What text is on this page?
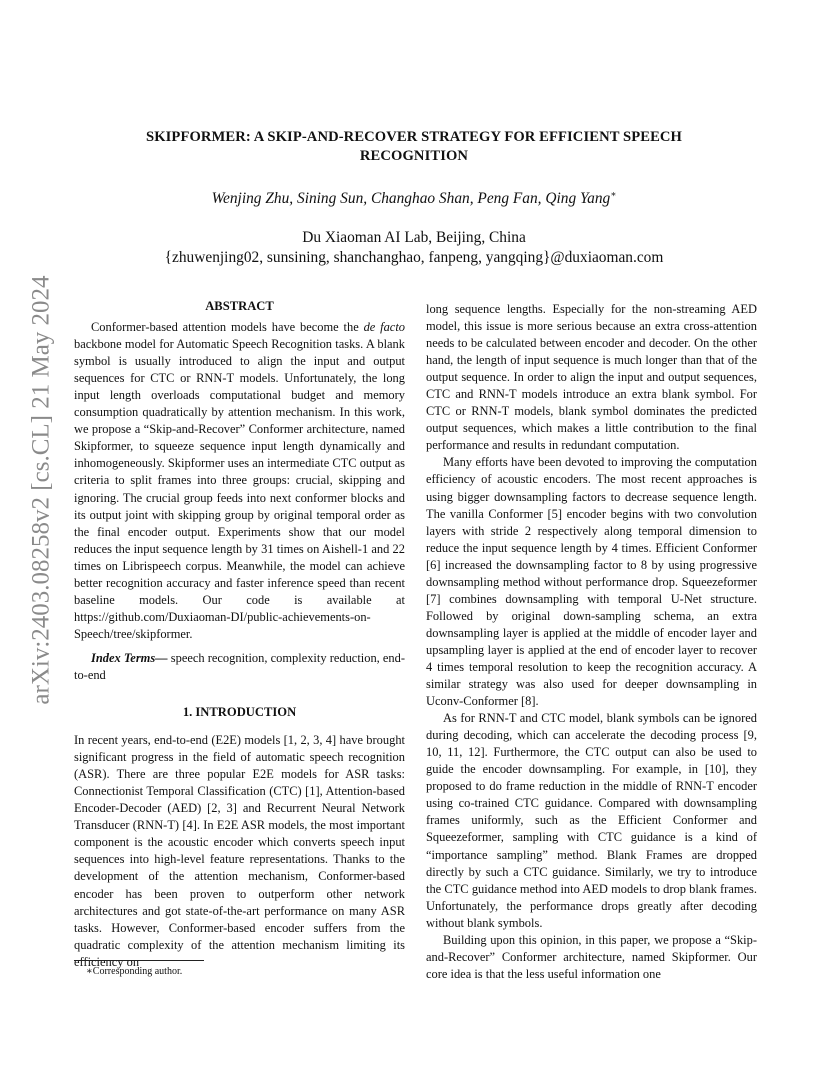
arXiv:2403.08258v2 [cs.CL] 21 May 2024
SKIPFORMER: A SKIP-AND-RECOVER STRATEGY FOR EFFICIENT SPEECH
RECOGNITION
Wenjing Zhu, Sining Sun, Changhao Shan, Peng Fan, Qing Yang∗
Du Xiaoman AI Lab, Beijing, China
{zhuwenjing02, sunsining, shanchanghao, fanpeng, yangqing}@duxiaoman.com
ABSTRACT

Conformer-based attention models have become the de facto backbone model for Automatic Speech Recognition tasks. A blank symbol is usually introduced to align the input and output sequences for CTC or RNN-T models. Unfortunately, the long input length overloads computational budget and memory consumption quadratically by attention mechanism. In this work, we propose a “Skip-and-Recover” Conformer architecture, named Skipformer, to squeeze sequence input length dynamically and inhomogeneously. Skipformer uses an intermediate CTC output as criteria to split frames into three groups: crucial, skipping and ignoring. The crucial group feeds into next conformer blocks and its output joint with skipping group by original temporal order as the final encoder output. Experiments show that our model reduces the input sequence length by 31 times on Aishell-1 and 22 times on Librispeech corpus. Meanwhile, the model can achieve better recognition accuracy and faster inference speed than recent baseline models. Our code is available at https://github.com/Duxiaoman-DI/public-achievements-on-Speech/tree/skipformer.

Index Terms— speech recognition, complexity reduction, end-to-end

1. INTRODUCTION

In recent years, end-to-end (E2E) models [1, 2, 3, 4] have brought significant progress in the field of automatic speech recognition (ASR). There are three popular E2E models for ASR tasks: Connectionist Temporal Classification (CTC) [1], Attention-based Encoder-Decoder (AED) [2, 3] and Recurrent Neural Network Transducer (RNN-T) [4]. In E2E ASR models, the most important component is the acoustic encoder which converts speech input sequences into high-level feature representations. Thanks to the development of the attention mechanism, Conformer-based encoder has been proven to outperform other network architectures and got state-of-the-art performance on many ASR tasks. However, Conformer-based encoder suffers from the quadratic complexity of the attention mechanism limiting its efficiency on

∗Corresponding author.

long sequence lengths. Especially for the non-streaming AED model, this issue is more serious because an extra cross-attention needs to be calculated between encoder and decoder. On the other hand, the length of input sequence is much longer than that of the output sequence. In order to align the input and output sequences, CTC and RNN-T models introduce an extra blank symbol. For CTC or RNN-T models, blank symbol dominates the predicted output sequences, which makes a little contribution to the final performance and results in redundant computation.

Many efforts have been devoted to improving the computation efficiency of acoustic encoders. The most recent approaches is using bigger downsampling factors to decrease sequence length. The vanilla Conformer [5] encoder begins with two convolution layers with stride 2 respectively along temporal dimension to reduce the input sequence length by 4 times. Efficient Conformer [6] increased the downsampling factor to 8 by using progressive downsampling method without performance drop. Squeezeformer [7] combines downsampling with temporal U-Net structure. Followed by original down-sampling schema, an extra downsampling layer is applied at the middle of encoder layer and upsampling layer is applied at the end of encoder layer to recover 4 times temporal resolution to keep the recognition accuracy. A similar strategy was also used for deeper downsampling in Uconv-Conformer [8].

As for RNN-T and CTC model, blank symbols can be ignored during decoding, which can accelerate the decoding process [9, 10, 11, 12]. Furthermore, the CTC output can also be used to guide the encoder downsampling. For example, in [10], they proposed to do frame reduction in the middle of RNN-T encoder using co-trained CTC guidance. Compared with downsampling frames uniformly, such as the Efficient Conformer and Squeezeformer, sampling with CTC guidance is a kind of “importance sampling” method. Blank Frames are dropped directly by such a CTC guidance. Similarly, we try to introduce the CTC guidance method into AED models to drop blank frames. Unfortunately, the performance drops greatly after decoding without blank symbols.

Building upon this opinion, in this paper, we propose a “Skip-and-Recover” Conformer architecture, named Skipformer. Our core idea is that the less useful information one
